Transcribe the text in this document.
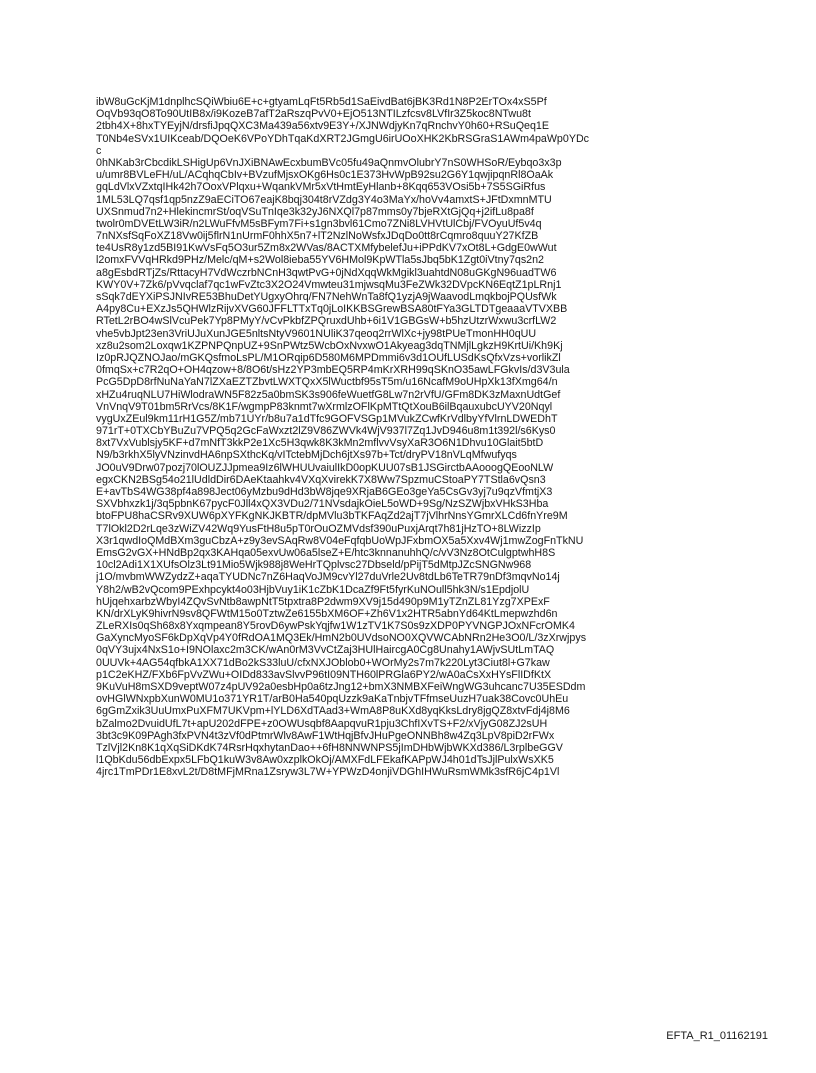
ibW8uGcKjM1dnplhcSQiWbiu6E+c+gtyamLqFt5Rb5d1SaEivdBat6jBK3Rd1N8P2ErTOx4xS5Pf
OqVb93qO8To90UtIB8x/i9KozeB7afT2aRszqPvV0+EjO513NTILzfcsv8LVfIr3Z5koc8NTwu8t
2tbh4X+8hxTYEyjN/drsfiJpqQXC3Ma439a56xtv9E3Y+/XJNWdjyKn7qRnchvY0h60+RSuQeq1E
T0Nb4eSVx1UIKceab/DQOeK6VPoYDhTqaKdXRT2JGmgU6irUOoXHK2KbRSGraS1AWm4paWp0YDc
c
0hNKab3rCbcdikLSHigUp6VnJXiBNAwEcxbumBVc05fu49aQnmvOlubrY7nS0WHSoR/Eybqo3x3p
u/umr8BVLeFH/uL/ACqhqCbIv+BVzufMjsxOKg6Hs0c1E373HvWpB92su2G6Y1qwjipqnRl8OaAk
gqLdVlxVZxtqIHk42h7OoxVPlqxu+WqankVMr5xVtHmtEyHlanb+8Kqq653VOsi5b+7S5SGiRfus
1ML53LQ7qsf1qp5nzZ9aECiTO67eajK8bqj304t8rVZdg3Y4o3MaYx/hoVv4amxtS+JFtDxmnMTU
UXSnmud7n2+HlekincmrSt/oqVSuTnIqe3k32yJ6NXQl7p87mms0y7bjeRXtGjQq+j2ifLu8pa8f
twolr0mDVEtLW3iR/n2LWuFfvM5sBFym7Fi+s1gn3bvl61Cmo7ZNi8LVHVtUlCbj/FVOyuUf5v4q
7nNXsfSqFoXZ18Vw0ij5flrN1nUrmF0hhX5n7+lT2NzlNoWsfxJDqDo0tt8rCqmro8quuY27KfZB
te4UsR8y1zd5BI91KwVsFq5O3ur5Zm8x2WVas/8ACTXMfybelefJu+iPPdKV7xOt8L+GdgE0wWut
l2omxFVVqHRkd9PHz/Melc/qM+s2Wol8ieba55YV6HMol9KpWTla5sJbq5bK1Zgt0iVtny7qs2n2
a8gEsbdRTjZs/RttacyH7VdWczrbNCnH3qwtPvG+0jNdXqqWkMgikl3uahtdN08uGKgN96uadTW6
KWY0V+7Zk6/pVvqclaf7qc1wFvZtc3X2O24Vmwteu31mjwsqMu3FeZWk32DVpcKN6EqtZ1pLRnj1
sSqk7dEYXiPSJNIvRE53BhuDetYUgxyOhrq/FN7NehWnTa8fQ1yzjA9jWaavodLmqkbojPQUsfWk
A4py8Cu+EXzJs5QHWlzRijvXVG60JFFLTTxTq0jLoIKKBSGrewBSA80tFYa3GLTDTgeaaaVTVXBB
RTetL2rBO4wSlVcuPek7Yp8PMyY/vCvPkbfZPQruxdUhb+6i1V1GBGsW+b5hzUtzrWxwu3crfLW2
vhe5vbJpt23en3VriUJuXunJGE5nltsNtyV9601NUliK37qeoq2rrWlXc+jy98tPUeTmonHH0qUU
xz8u2som2Loxqw1KZPNPQnpUZ+9SnPWtz5WcbOxNvxwO1Akyeag3dqTNMjlLgkzH9KrtUi/Kh9Kj
Iz0pRJQZNOJao/mGKQsfmoLsPL/M1ORqip6D580M6MPDmmi6v3d1OUfLUSdKsQfxVzs+vorlikZl
0fmqSx+c7R2qO+OH4qzow+8/8O6t/sHz2YP3mbEQ5RP4mKrXRH99qSKnO35awLFGkvIs/d3V3ula
PcG5DpD8rfNuNaYaN7lZXaEZTZbvtLWXTQxX5lWuctbf95sT5m/u16NcafM9oUHpXk13fXmg64/n
xHZu4ruqNLU7HiWlodraWN5F82z5a0bmSK3s906feWuetfG8Lw7n2rVfU/GFm8DK3zMaxnUdtGef
VnVnqV9T01bm5RrVcs/8K1F/wgmpP83knmt7wXrmlzOFlKpMTtQtXouB6ilBqauxubcUYV20Nqyl
vygUxZEul9km11rH1G5Z/mb71UYr/b8u7a1dTfc9GOFVSGp1MVukZCwfKrVdlbyYfVlrnLDWEDhT
971rT+0TXCbYBuZu7VPQ5q2GcFaWxzt2lZ9V86ZWVk4WjV937l7Zq1JvD946u8m1t392l/s6Kys0
8xt7VxVublsjy5KF+d7mNfT3kkP2e1Xc5H3qwk8K3kMn2mflvvVsyXaR3O6N1Dhvu10Glait5btD
N9/b3rkhX5lyVNzinvdHA6npSXthcKq/vITctebMjDch6jtXs97b+Tct/dryPV18nVLqMfwufyqs
JO0uV9Drw07pozj70lOUZJJpmea9Iz6lWHUUvaiulIkD0opKUU07sB1JSGirctbAAooogQEooNLW
egxCKN2BSg54o21lUdldDir6DAeKtaahkv4VXqXvirekK7X8Ww7SpzmuCStoaPY7TStla6vQsn3
E+avTbS4WG38pf4a898Ject06yMzbu9dHd3bW8jqe9XRjaB6GEo3geYa5CsGv3yj7u9qzVfmtjX3
SXVbhxzk1j/3q5pbnK67pycF0Jll4xQX3VDu2/71NVsdajkOieL5oWD+9Sg/NzSZWjbxVHkS3Hba
btoFPU8haCSRv9XUW6pXYFKgNKJKBTR/dpMVlu3bTKFAqZd2ajT7jVlhrNnsYGmrXLCd6fnYre9M
T7lOkl2D2rLqe3zWiZV42Wq9YusFtH8u5pT0rOuOZMVdsf390uPuxjArqt7h81jHzTO+8LWizzIp
X3r1qwdIoQMdBXm3guCbzA+z9y3evSAqRw8V04eFqfqbUoWpJFxbmOX5a5Xxv4Wj1mwZogFnTkNU
EmsG2vGX+HNdBp2qx3KAHqa05exvUw06a5lseZ+E/htc3knnanuhhQ/c/vV3Nz8OtCulgptwhH8S
10cl2Adi1X1XUfsOlz3Lt91Mio5Wjk988j8WeHrTQplvsc27Dbseld/pPijT5dMtpJZcSNGNw968
j1O/mvbmWWZydzZ+aqaTYUDNc7nZ6HaqVoJM9cvYl27duVrle2Uv8tdLb6TeTR79nDf3mqvNo14j
Y8h2/wB2vQcom9PExhpcykt4o03HjbVuy1iK1cZbK1DcaZf9Ft5fyrKuNOull5hk3N/s1EpdjolU
hUjqehxarbzWbyI4ZQvSvNtb8awpNtT5tpxtra8P2dwm9XV9j15d490p9M1yTZnZL81Yzg7XPExF
KN/drXLyK9hivrN9sv8QFWtM15o0TztwZe6155bXM6OF+Zh6V1x2HTR5abnYd64KtLmepwzhd6n
ZLeRXIs0qSh68x8Yxqmpean8Y5rovD6ywPskYqjfw1W1zTV1K7S0s9zXDP0PYVNGPJOxNFcrOMK4
GaXyncMyoSF6kDpXqVp4Y0fRdOA1MQ3Ek/HmN2b0UVdsoNO0XQVWCAbNRn2He3O0/L/3zXrwjpys
0qVY3ujx4NxS1o+I9NOlaxc2m3CK/wAn0rM3VvCtZaj3HUlHaircgA0Cg8Unahy1AWjvSUtLmTAQ
0UUVk+4AG54qfbkA1XX71dBo2kS33luU/cfxNXJOblob0+WOrMy2s7m7k220Lyt3Ciut8l+G7kaw
p1C2eKHZ/FXb6FpVvZWu+OIDd833avSlvvP96tI09NTH60lPRGla6PY2/wA0aCsXxHYsFlIDfKtX
9KuVuH8mSXD9veptW07z4pUV92a0esbHp0a6tzJng12+bmX3NMBXFeiWngWG3uhcanc7U35ESDdm
ovHGlWNxpbXunW0MU1o371YR1T/arB0Ha540pqUzzk9aKaTnbjvTFfmseUuzH7uak38Covc0UhEu
6gGmZxik3UuUmxPuXFM7UKVpm+lYLD6XdTAad3+WmA8P8uKXd8yqKksLdry8jgQZ8xtvFdj4j8M6
bZalmo2DvuidUfL7t+apU202dFPE+z0OWUsqbf8AapqvuR1pju3ChfIXvTS+F2/xVjyG08ZJ2sUH
3bt3c9K09PAgh3fxPVN4t3zVf0dPtmrWlv8AwF1WtHqjBfvJHuPgeONNBh8w4Zq3LpV8piD2rFWx
TzlVjl2Kn8K1qXqSiDKdK74RsrHqxhytanDao++6fH8NNWNPS5jImDHbWjbWKXd386/L3rplbeGGV
l1QbKdu56dbExpx5LFbQ1kuW3v8Aw0xzplkOkOj/AMXFdLFEkafKAPpWJ4h01dTsJjlPulxWsXK5
4jrc1TmPDr1E8xvL2t/D8tMFjMRna1Zsryw3L7W+YPWzD4onjiVDGhIHWuRsmWMk3sfR6jC4p1Vl
EFTA_R1_01162191
